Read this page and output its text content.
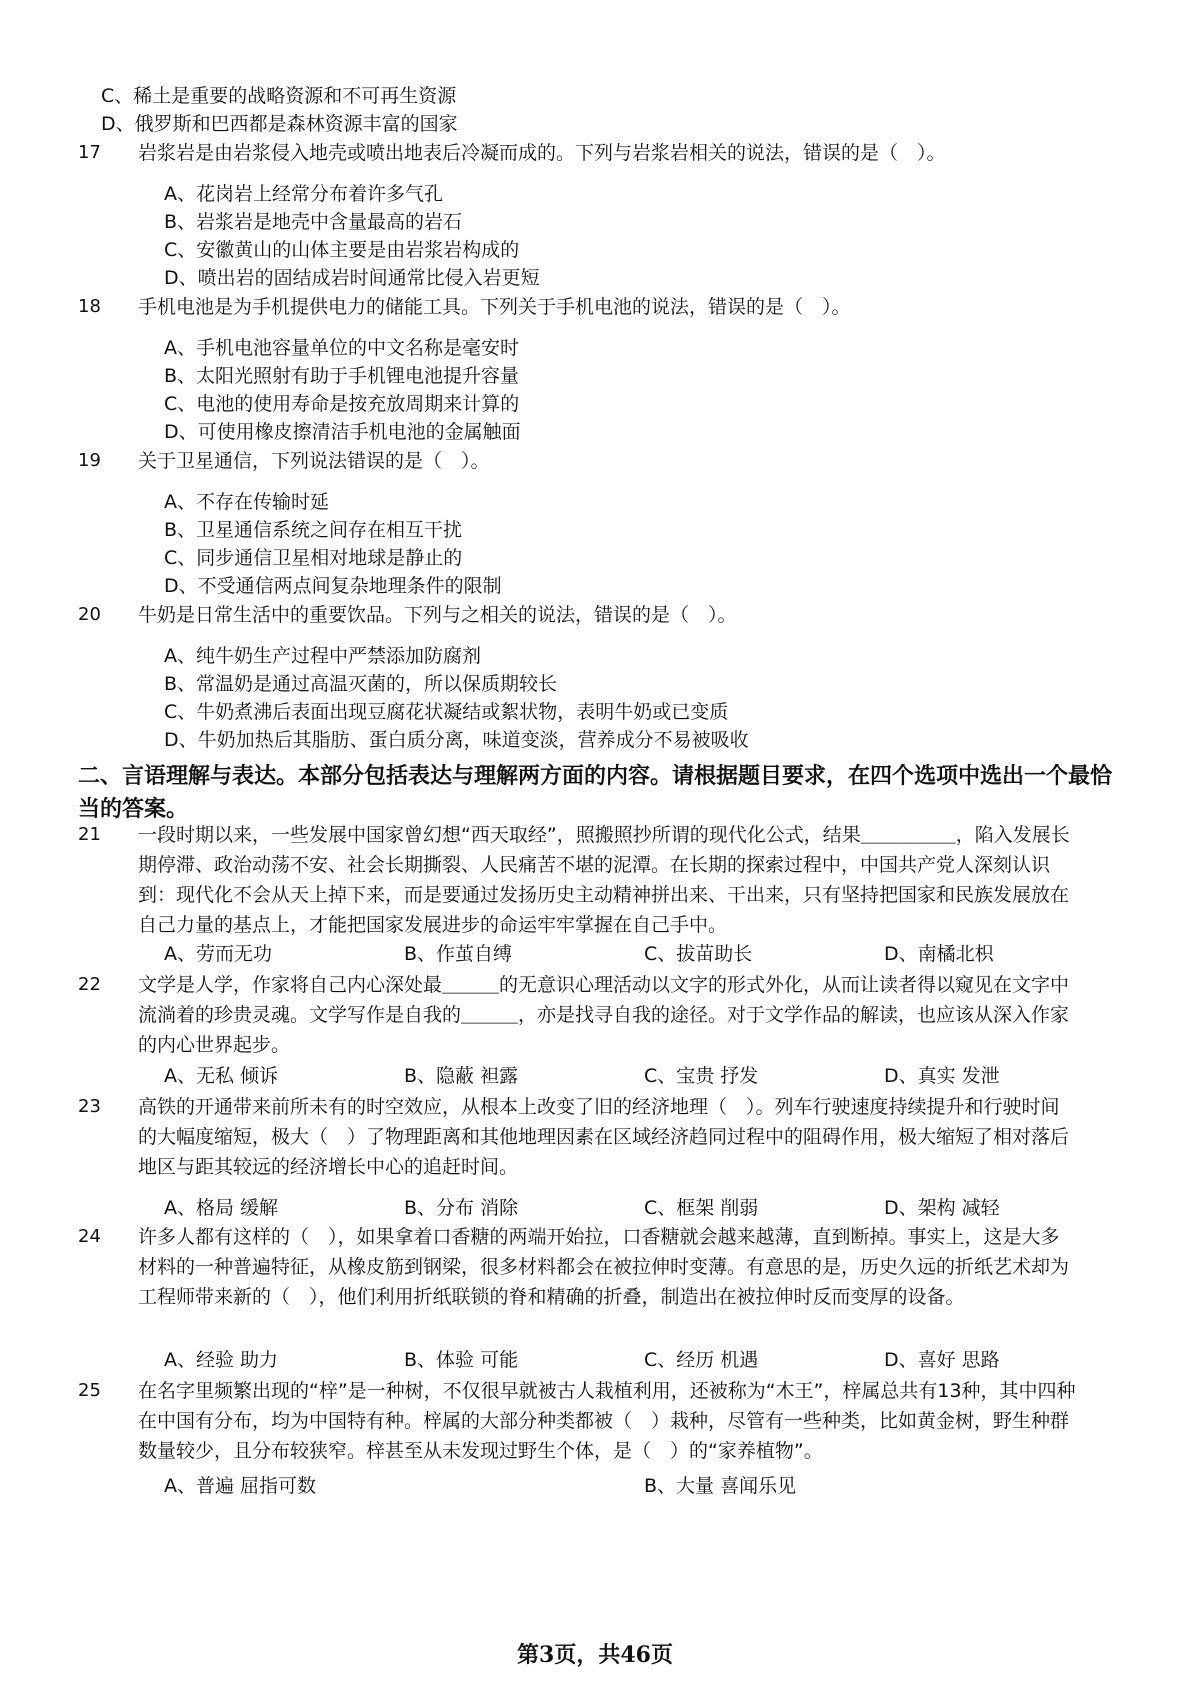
C、稀土是重要的战略资源和不可再生资源
D、俄罗斯和巴西都是森林资源丰富的国家
17 岩浆岩是由岩浆侵入地壳或喷出地表后冷凝而成的。下列与岩浆岩相关的说法，错误的是（　）。
A、花岗岩上经常分布着许多气孔
B、岩浆岩是地壳中含量最高的岩石
C、安徽黄山的山体主要是由岩浆岩构成的
D、喷出岩的固结成岩时间通常比侵入岩更短
18 手机电池是为手机提供电力的储能工具。下列关于手机电池的说法，错误的是（　）。
A、手机电池容量单位的中文名称是毫安时
B、太阳光照射有助于手机锂电池提升容量
C、电池的使用寿命是按充放周期来计算的
D、可使用橡皮擦清洁手机电池的金属触面
19 关于卫星通信，下列说法错误的是（　）。
A、不存在传输时延
B、卫星通信系统之间存在相互干扰
C、同步通信卫星相对地球是静止的
D、不受通信两点间复杂地理条件的限制
20 牛奶是日常生活中的重要饮品。下列与之相关的说法，错误的是（　）。
A、纯牛奶生产过程中严禁添加防腐剂
B、常温奶是通过高温灭菌的，所以保质期较长
C、牛奶煮沸后表面出现豆腐花状凝结或絮状物，表明牛奶或已变质
D、牛奶加热后其脂肪、蛋白质分离，味道变淡，营养成分不易被吸收
二、言语理解与表达。本部分包括表达与理解两方面的内容。请根据题目要求，在四个选项中选出一个最恰当的答案。
21 一段时期以来，一些发展中国家曾幻想“西天取经”，照搬照抄所谓的现代化公式，结果＿＿＿＿＿，陷入发展长期停滞、政治动荡不安、社会长期撕裂、人民痛苦不堪的泥潭。在长期的探索过程中，中国共产党人深刻认识到：现代化不会从天上掉下来，而是要通过发扬历史主动精神拼出来、干出来，只有坚持把国家和民族发展放在自己力量的基点上，才能把国家发展进步的命运牢牢掌握在自己手中。
A、劳而无功	B、作茧自缚	C、拔苗助长	D、南橘北枳
22 文学是人学，作家将自己内心深处最＿＿＿的无意识心理活动以文字的形式外化，从而让读者得以窥见在文字中流淌着的珍贵灵魂。文学写作是自我的＿＿＿，亦是找寻自我的途径。对于文学作品的解读，也应该从深入作家的内心世界起步。
A、无私 倾诉	B、隐蔽 袒露	C、宝贵 抒发	D、真实 发泄
23 高铁的开通带来前所未有的时空效应，从根本上改变了旧的经济地理（　）。列车行驶速度持续提升和行驶时间的大幅度缩短，极大（　）了物理距离和其他地理因素在区域经济趋同过程中的阻碍作用，极大缩短了相对落后地区与距其较远的经济增长中心的追赶时间。
A、格局 缓解	B、分布 消除	C、框架 削弱	D、架构 减轻
24 许多人都有这样的（　），如果拿着口香糖的两端开始拉，口香糖就会越来越薄，直到断掉。事实上，这是大多材料的一种普遍特征，从橡皮筋到钢梁，很多材料都会在被拉伸时变薄。有意思的是，历史久远的折纸艺术却为工程师带来新的（　），他们利用折纸联锁的脊和精确的折叠，制造出在被拉伸时反而变厚的设备。
A、经验 助力	B、体验 可能	C、经历 机遇	D、喜好 思路
25 在名字里频繁出现的“梓”是一种树，不仅很早就被古人栽植利用，还被称为“木王”，梓属总共有13种，其中四种在中国有分布，均为中国特有种。梓属的大部分种类都被（　）栽种，尽管有一些种类，比如黄金树，野生种群数量较少，且分布较狭窄。梓甚至从未发现过野生个体，是（　）的“家养植物”。
A、普遍 屈指可数	B、大量 喜闻乐见
第3页，共46页
